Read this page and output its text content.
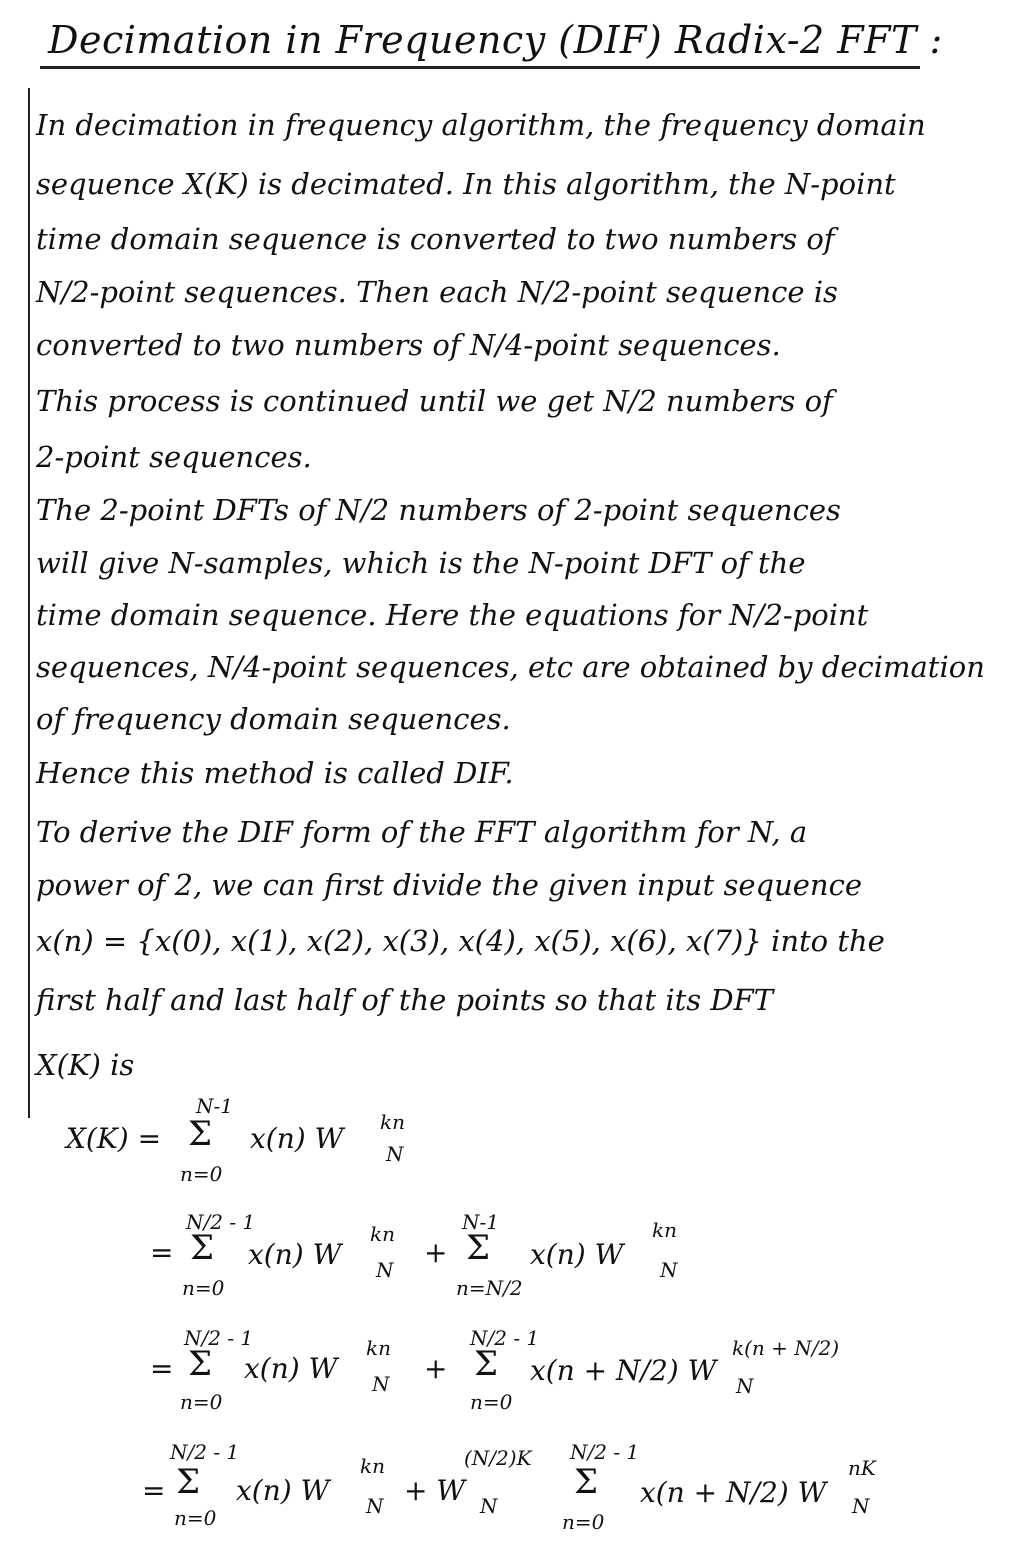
Decimation in Frequency (DIF) Radix-2 FFT :
In decimation in frequency algorithm, the frequency domain
sequence X(K) is decimated. In this algorithm, the N-point
time domain sequence is converted to two numbers of
N/2-point sequences. Then each N/2-point sequence is
converted to two numbers of N/4-point sequences.
This process is continued until we get N/2 numbers of
2-point sequences.
The 2-point DFTs of N/2 numbers of 2-point sequences
will give N-samples, which is the N-point DFT of the
time domain sequence. Here the equations for N/2-point
sequences, N/4-point sequences, etc are obtained by decimation
of frequency domain sequences.
Hence this method is called DIF.
To derive the DIF form of the FFT algorithm for N, a
power of 2, we can first divide the given input sequence
x(n) = {x(0), x(1), x(2), x(3), x(4), x(5), x(6), x(7)} into the
first half and last half of the points so that its DFT
X(K) is
X(K) =
N-1
Σ
n=0
x(n) W N
kn
=
N/2 - 1
Σ
n=0
x(n) W N
kn
+
N-1
Σ
n=N/2
x(n) W N
kn
=
N/2 - 1
Σ
n=0
x(n) W N
kn
+
N/2 - 1
Σ
n=0
x(n + N/2) W N
k(n + N/2)
=
N/2 - 1
Σ
n=0
x(n) W N
kn
+ W N
(N/2)K N/2 - 1
Σ
n=0
x(n + N/2) W N
nK
